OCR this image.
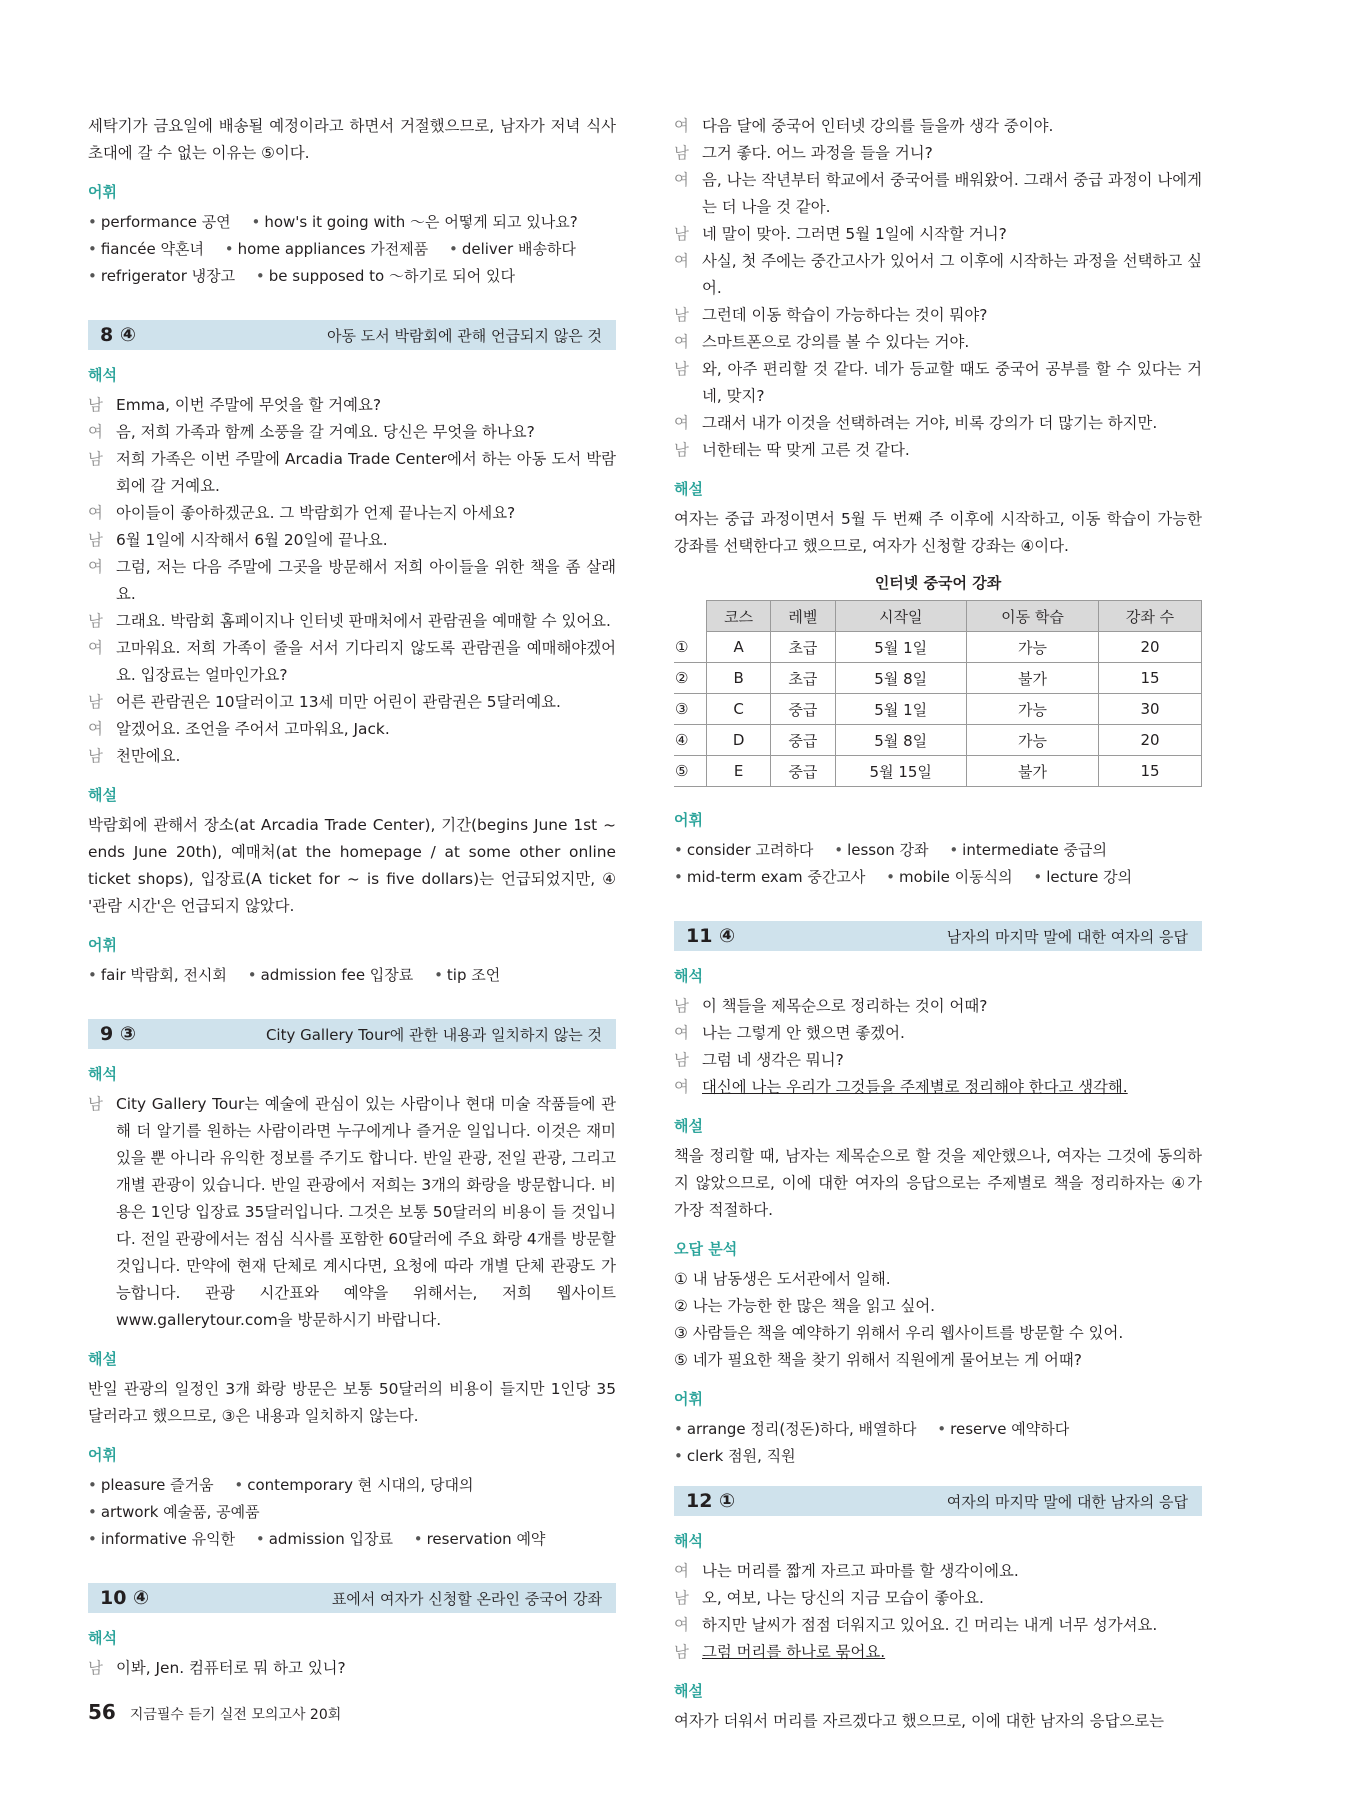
세탁기가 금요일에 배송될 예정이라고 하면서 거절했으므로, 남자가 저녁 식사 초대에 갈 수 없는 이유는 ⑤이다.

어휘
• performance 공연 • how's it going with ～은 어떻게 되고 있나요?
• fiancée 약혼녀 • home appliances 가전제품 • deliver 배송하다
• refrigerator 냉장고 • be supposed to ～하기로 되어 있다
8 ④	아동 도서 박람회에 관해 언급되지 않은 것
해석
남 Emma, 이번 주말에 무엇을 할 거예요?
여 음, 저희 가족과 함께 소풍을 갈 거예요. 당신은 무엇을 하나요?
남 저희 가족은 이번 주말에 Arcadia Trade Center에서 하는 아동 도서 박람회에 갈 거예요.
여 아이들이 좋아하겠군요. 그 박람회가 언제 끝나는지 아세요?
남 6월 1일에 시작해서 6월 20일에 끝나요.
여 그럼, 저는 다음 주말에 그곳을 방문해서 저희 아이들을 위한 책을 좀 살래요.
남 그래요. 박람회 홈페이지나 인터넷 판매처에서 관람권을 예매할 수 있어요.
여 고마워요. 저희 가족이 줄을 서서 기다리지 않도록 관람권을 예매해야겠어요. 입장료는 얼마인가요?
남 어른 관람권은 10달러이고 13세 미만 어린이 관람권은 5달러예요.
여 알겠어요. 조언을 주어서 고마워요, Jack.
남 천만에요.
해설

박람회에 관해서 장소(at Arcadia Trade Center), 기간(begins June 1st ~ ends June 20th), 예매처(at the homepage / at some other online ticket shops), 입장료(A ticket for ~ is five dollars)는 언급되었지만, ④ '관람 시간'은 언급되지 않았다.

어휘
• fair 박람회, 전시회 • admission fee 입장료 • tip 조언
9 ③	City Gallery Tour에 관한 내용과 일치하지 않는 것
해석
남 City Gallery Tour는 예술에 관심이 있는 사람이나 현대 미술 작품들에 관해 더 알기를 원하는 사람이라면 누구에게나 즐거운 일입니다. 이것은 재미있을 뿐 아니라 유익한 정보를 주기도 합니다. 반일 관광, 전일 관광, 그리고 개별 관광이 있습니다. 반일 관광에서 저희는 3개의 화랑을 방문합니다. 비용은 1인당 입장료 35달러입니다. 그것은 보통 50달러의 비용이 들 것입니다. 전일 관광에서는 점심 식사를 포함한 60달러에 주요 화랑 4개를 방문할 것입니다. 만약에 현재 단체로 계시다면, 요청에 따라 개별 단체 관광도 가능합니다. 관광 시간표와 예약을 위해서는, 저희 웹사이트 www.gallerytour.com을 방문하시기 바랍니다.
해설

반일 관광의 일정인 3개 화랑 방문은 보통 50달러의 비용이 들지만 1인당 35달러라고 했으므로, ③은 내용과 일치하지 않는다.

어휘
• pleasure 즐거움 • contemporary 현 시대의, 당대의 • artwork 예술품, 공예품
• informative 유익한 • admission 입장료 • reservation 예약
10 ④	표에서 여자가 신청할 온라인 중국어 강좌
해석
남 이봐, Jen. 컴퓨터로 뭐 하고 있니?
여 다음 달에 중국어 인터넷 강의를 들을까 생각 중이야.
남 그거 좋다. 어느 과정을 들을 거니?
여 음, 나는 작년부터 학교에서 중국어를 배워왔어. 그래서 중급 과정이 나에게는 더 나을 것 같아.
남 네 말이 맞아. 그러면 5월 1일에 시작할 거니?
여 사실, 첫 주에는 중간고사가 있어서 그 이후에 시작하는 과정을 선택하고 싶어.
남 그런데 이동 학습이 가능하다는 것이 뭐야?
여 스마트폰으로 강의를 볼 수 있다는 거야.
남 와, 아주 편리할 것 같다. 네가 등교할 때도 중국어 공부를 할 수 있다는 거네, 맞지?
여 그래서 내가 이것을 선택하려는 거야, 비록 강의가 더 많기는 하지만.
남 너한테는 딱 맞게 고른 것 같다.
해설

여자는 중급 과정이면서 5월 두 번째 주 이후에 시작하고, 이동 학습이 가능한 강좌를 선택한다고 했으므로, 여자가 신청할 강좌는 ④이다.

인터넷 중국어 강좌
	코스	레벨	시작일	이동 학습	강좌 수
①	A	초급	5월 1일	가능	20
②	B	초급	5월 8일	불가	15
③	C	중급	5월 1일	가능	30
④	D	중급	5월 8일	가능	20
⑤	E	중급	5월 15일	불가	15
어휘
• consider 고려하다 • lesson 강좌 • intermediate 중급의
• mid-term exam 중간고사 • mobile 이동식의 • lecture 강의
11 ④	남자의 마지막 말에 대한 여자의 응답
해석
남 이 책들을 제목순으로 정리하는 것이 어때?
여 나는 그렇게 안 했으면 좋겠어.
남 그럼 네 생각은 뭐니?
여 대신에 나는 우리가 그것들을 주제별로 정리해야 한다고 생각해.
해설

책을 정리할 때, 남자는 제목순으로 할 것을 제안했으나, 여자는 그것에 동의하지 않았으므로, 이에 대한 여자의 응답으로는 주제별로 책을 정리하자는 ④가 가장 적절하다.

오답 분석
① 내 남동생은 도서관에서 일해.
② 나는 가능한 한 많은 책을 읽고 싶어.
③ 사람들은 책을 예약하기 위해서 우리 웹사이트를 방문할 수 있어.
⑤ 네가 필요한 책을 찾기 위해서 직원에게 물어보는 게 어때?
어휘
• arrange 정리(정돈)하다, 배열하다 • reserve 예약하다 • clerk 점원, 직원
12 ①	여자의 마지막 말에 대한 남자의 응답
해석
여 나는 머리를 짧게 자르고 파마를 할 생각이에요.
남 오, 여보, 나는 당신의 지금 모습이 좋아요.
여 하지만 날씨가 점점 더워지고 있어요. 긴 머리는 내게 너무 성가셔요.
남 그럼 머리를 하나로 묶어요.
해설

여자가 더워서 머리를 자르겠다고 했으므로, 이에 대한 남자의 응답으로는

56 지금필수 듣기 실전 모의고사 20회
